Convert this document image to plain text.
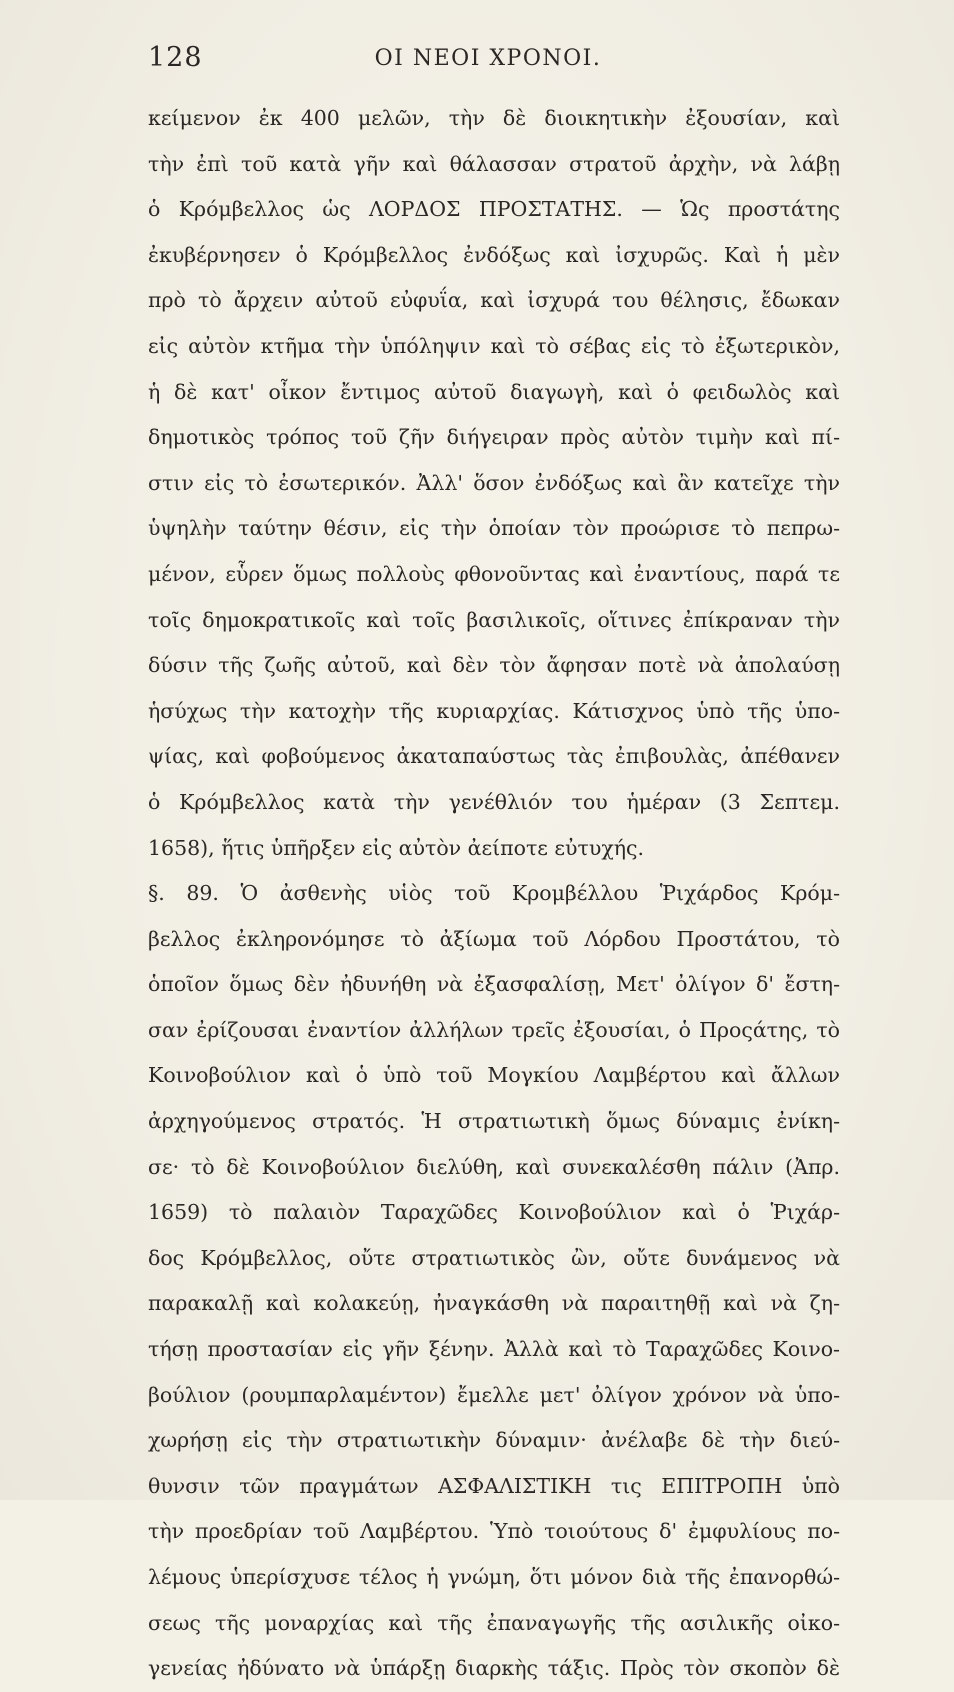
128	ΟΙ ΝΕΟΙ ΧΡΟΝΟΙ.
κείμενον ἐκ 400 μελῶν, τὴν δὲ διοικητικὴν ἐξουσίαν, καὶ
τὴν ἐπὶ τοῦ κατὰ γῆν καὶ θάλασσαν στρατοῦ ἀρχὴν, νὰ λάβῃ
ὁ Κρόμβελλος ὡς ΛΟΡΔΟΣ ΠΡΟΣΤΑΤΗΣ. — Ὡς προστάτης
ἐκυβέρνησεν ὁ Κρόμβελλος ἐνδόξως καὶ ἰσχυρῶς. Καὶ ἡ μὲν
πρὸ τὸ ἄρχειν αὐτοῦ εὐφυΐα, καὶ ἰσχυρά του θέλησις, ἔδωκαν
εἰς αὐτὸν κτῆμα τὴν ὑπόληψιν καὶ τὸ σέβας εἰς τὸ ἐξωτερικὸν,
ἡ δὲ κατ' οἶκον ἔντιμος αὐτοῦ διαγωγὴ, καὶ ὁ φειδωλὸς καὶ
δημοτικὸς τρόπος τοῦ ζῆν διήγειραν πρὸς αὐτὸν τιμὴν καὶ πί-
στιν εἰς τὸ ἐσωτερικόν. Ἀλλ' ὅσον ἐνδόξως καὶ ἂν κατεῖχε τὴν
ὑψηλὴν ταύτην θέσιν, εἰς τὴν ὁποίαν τὸν προώρισε τὸ πεπρω-
μένον, εὗρεν ὅμως πολλοὺς φθονοῦντας καὶ ἐναντίους, παρά τε
τοῖς δημοκρατικοῖς καὶ τοῖς βασιλικοῖς, οἵτινες ἐπίκραναν τὴν
δύσιν τῆς ζωῆς αὐτοῦ, καὶ δὲν τὸν ἄφησαν ποτὲ νὰ ἀπολαύσῃ
ἡσύχως τὴν κατοχὴν τῆς κυριαρχίας. Κάτισχνος ὑπὸ τῆς ὑπο-
ψίας, καὶ φοβούμενος ἀκαταπαύστως τὰς ἐπιβουλὰς, ἀπέθανεν
ὁ Κρόμβελλος κατὰ τὴν γενέθλιόν του ἡμέραν (3 Σεπτεμ.
1658), ἥτις ὑπῆρξεν εἰς αὐτὸν ἀείποτε εὐτυχής.
§. 89. Ὁ ἀσθενὴς υἱὸς τοῦ Κρομβέλλου Ῥιχάρδος Κρόμ-
βελλος ἐκληρονόμησε τὸ ἀξίωμα τοῦ Λόρδου Προστάτου, τὸ
ὁποῖον ὅμως δὲν ἠδυνήθη νὰ ἐξασφαλίσῃ, Μετ' ὀλίγον δ' ἔστη-
σαν ἐρίζουσαι ἐναντίον ἀλλήλων τρεῖς ἐξουσίαι, ὁ Προςάτης, τὸ
Κοινοβούλιον καὶ ὁ ὑπὸ τοῦ Μογκίου Λαμβέρτου καὶ ἄλλων
ἀρχηγούμενος στρατός. Ἡ στρατιωτικὴ ὅμως δύναμις ἐνίκη-
σε· τὸ δὲ Κοινοβούλιον διελύθη, καὶ συνεκαλέσθη πάλιν (Ἀπρ.
1659) τὸ παλαιὸν Ταραχῶδες Κοινοβούλιον καὶ ὁ Ῥιχάρ-
δος Κρόμβελλος, οὔτε στρατιωτικὸς ὢν, οὔτε δυνάμενος νὰ
παρακαλῇ καὶ κολακεύῃ, ἠναγκάσθη νὰ παραιτηθῇ καὶ νὰ ζη-
τήσῃ προστασίαν εἰς γῆν ξένην. Ἀλλὰ καὶ τὸ Ταραχῶδες Κοινο-
βούλιον (ρουμπαρλαμέντον) ἔμελλε μετ' ὀλίγον χρόνον νὰ ὑπο-
χωρήσῃ εἰς τὴν στρατιωτικὴν δύναμιν· ἀνέλαβε δὲ τὴν διεύ-
θυνσιν τῶν πραγμάτων ΑΣΦΑΛΙΣΤΙΚΗ τις ΕΠΙΤΡΟΠΗ ὑπὸ
τὴν προεδρίαν τοῦ Λαμβέρτου. Ὑπὸ τοιούτους δ' ἐμφυλίους πο-
λέμους ὑπερίσχυσε τέλος ἡ γνώμη, ὅτι μόνον διὰ τῆς ἐπανορθώ-
σεως τῆς μοναρχίας καὶ τῆς ἐπαναγωγῆς τῆς ασιλικῆς οἰκο-
γενείας ἠδύνατο νὰ ὑπάρξῃ διαρκὴς τάξις. Πρὸς τὸν σκοπὸν δὲ
